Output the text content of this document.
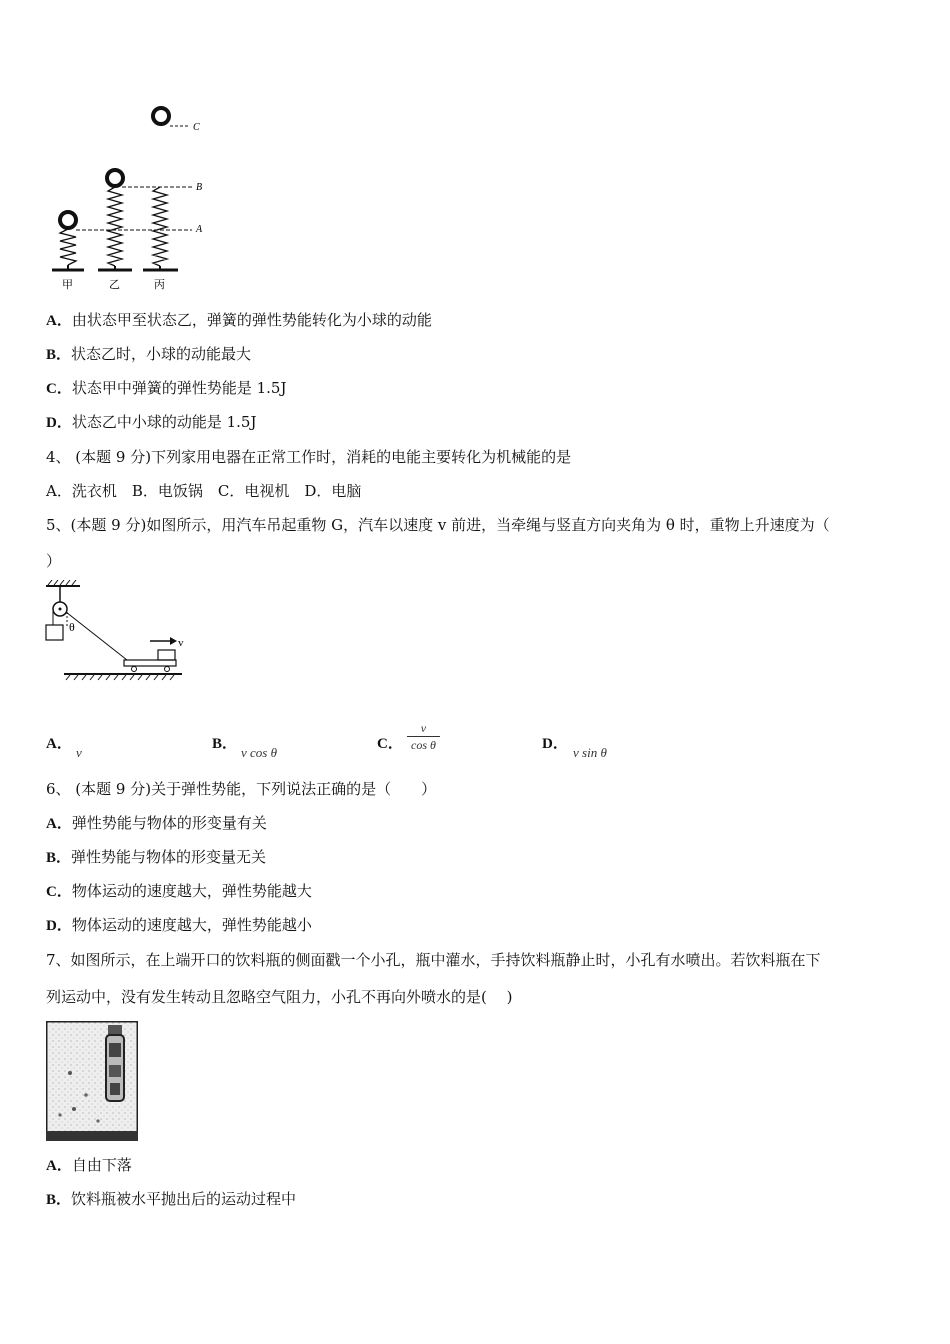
C
B
A
甲	乙	丙
A．由状态甲至状态乙，弹簧的弹性势能转化为小球的动能
B．状态乙时，小球的动能最大
C．状态甲中弹簧的弹性势能是 1.5J
D．状态乙中小球的动能是 1.5J
4、 (本题 9 分)下列家用电器在正常工作时，消耗的电能主要转化为机械能的是
A．洗衣机　B．电饭锅　C．电视机　D．电脑
5、(本题 9 分)如图所示，用汽车吊起重物 G，汽车以速度 v 前进，当牵绳与竖直方向夹角为 θ 时，重物上升速度为（
）
θ
v
A．
v
B．
v cos θ
C． $\frac{v}{\text{cos θ}}$	D．
v sin θ
6、 (本题 9 分)关于弹性势能，下列说法正确的是（　　）
A．弹性势能与物体的形变量有关
B．弹性势能与物体的形变量无关
C．物体运动的速度越大，弹性势能越大
D．物体运动的速度越大，弹性势能越小
7、如图所示，在上端开口的饮料瓶的侧面戳一个小孔，瓶中灌水，手持饮料瓶静止时，小孔有水喷出。若饮料瓶在下
列运动中，没有发生转动且忽略空气阻力，小孔不再向外喷水的是(　 )
A．自由下落
B．饮料瓶被水平抛出后的运动过程中
